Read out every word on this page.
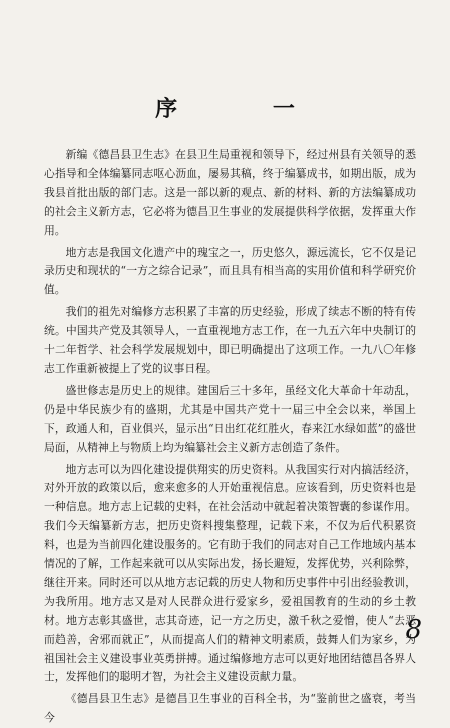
序 一

新编《德昌县卫生志》在县卫生局重视和领导下，经过州县有关领导的悉心指导和全体编纂同志呕心沥血，屡易其稿，终于编纂成书，如期出版，成为我县首批出版的部门志。这是一部以新的观点、新的材料、新的方法编纂成功的社会主义新方志，它必将为德昌卫生事业的发展提供科学依据，发挥重大作用。

地方志是我国文化遗产中的瑰宝之一，历史悠久，源远流长，它不仅是记录历史和现状的“一方之综合记录”，而且具有相当高的实用价值和科学研究价值。

我们的祖先对编修方志积累了丰富的历史经验，形成了续志不断的特有传统。中国共产党及其领导人，一直重视地方志工作，在一九五六年中央制订的十二年哲学、社会科学发展规划中，即已明确提出了这项工作。一九八〇年修志工作重新被提上了党的议事日程。

盛世修志是历史上的规律。建国后三十多年，虽经文化大革命十年动乱，仍是中华民族少有的盛期，尤其是中国共产党十一届三中全会以来，举国上下，政通人和，百业俱兴，显示出“日出红花红胜火，春来江水绿如蓝”的盛世局面，从精神上与物质上均为编纂社会主义新方志创造了条件。

地方志可以为四化建设提供翔实的历史资料。从我国实行对内搞活经济，对外开放的政策以后，愈来愈多的人开始重视信息。应该看到，历史资料也是一种信息。地方志上记载的史料，在社会活动中就起着决策智囊的参谋作用。我们今天编纂新方志，把历史资料搜集整理，记载下来，不仅为后代积累资料，也是为当前四化建设服务的。它有助于我们的同志对自己工作地域内基本情况的了解，工作起来就可以从实际出发，扬长避短，发挥优势，兴利除弊，继往开来。同时还可以从地方志记载的历史人物和历史事件中引出经验教训，为我所用。地方志又是对人民群众进行爱家乡，爱祖国教育的生动的乡土教材。地方志彰其盛世，志其奇迹，记一方之历史，激千秋之爱憎，使人“去恶而趋善，舍邪而就正”，从而提高人们的精神文明素质，鼓舞人们为家乡，为祖国社会主义建设事业英勇拼搏。通过编修地方志可以更好地团结德昌各界人士，发挥他们的聪明才智，为社会主义建设贡献力量。

《德昌县卫生志》是德昌卫生事业的百科全书，为“鉴前世之盛衰，考当今

8
